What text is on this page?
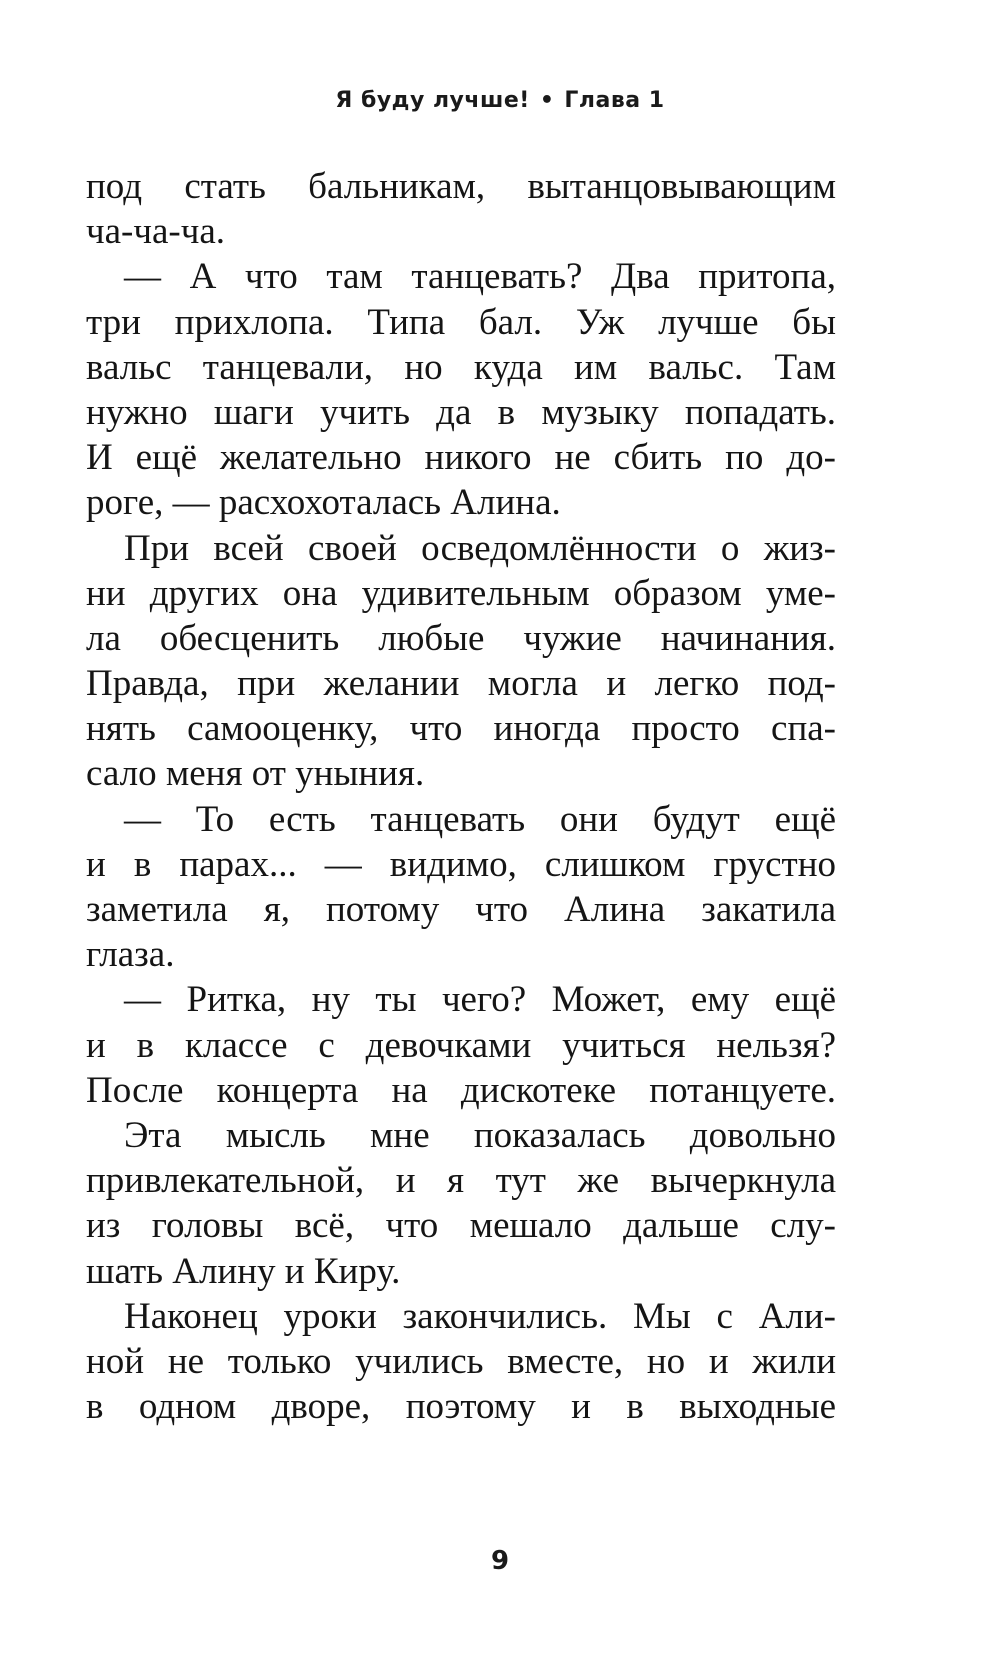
Я буду лучше! • Глава 1
под стать бальникам, вытанцовывающим
ча-ча-ча.
— А что там танцевать? Два притопа,
три прихлопа. Типа бал. Уж лучше бы
вальс танцевали, но куда им вальс. Там
нужно шаги учить да в музыку попадать.
И ещё желательно никого не сбить по до-
роге, — расхохоталась Алина.
При всей своей осведомлённости о жиз-
ни других она удивительным образом уме-
ла обесценить любые чужие начинания.
Правда, при желании могла и легко под-
нять самооценку, что иногда просто спа-
сало меня от уныния.
— То есть танцевать они будут ещё
и в парах... — видимо, слишком грустно
заметила я, потому что Алина закатила
глаза.
— Ритка, ну ты чего? Может, ему ещё
и в классе с девочками учиться нельзя?
После концерта на дискотеке потанцуете.
Эта мысль мне показалась довольно
привлекательной, и я тут же вычеркнула
из головы всё, что мешало дальше слу-
шать Алину и Киру.
Наконец уроки закончились. Мы с Али-
ной не только учились вместе, но и жили
в одном дворе, поэтому и в выходные
9
